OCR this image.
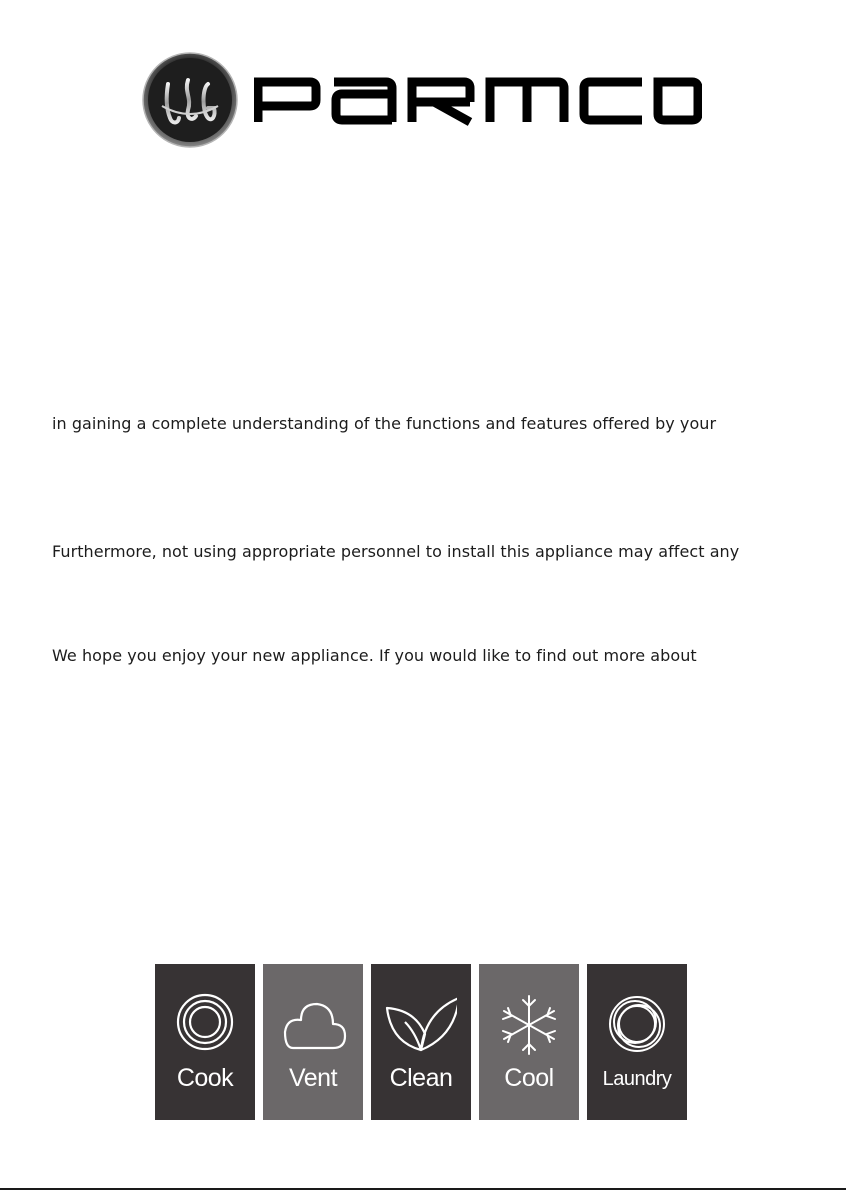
in gaining a complete understanding of the functions and features offered by your

Furthermore, not using appropriate personnel to install this appliance may affect any

We hope you enjoy your new appliance. If you would like to find out more about

Cook	Vent	Clean	Cool	Laundry
